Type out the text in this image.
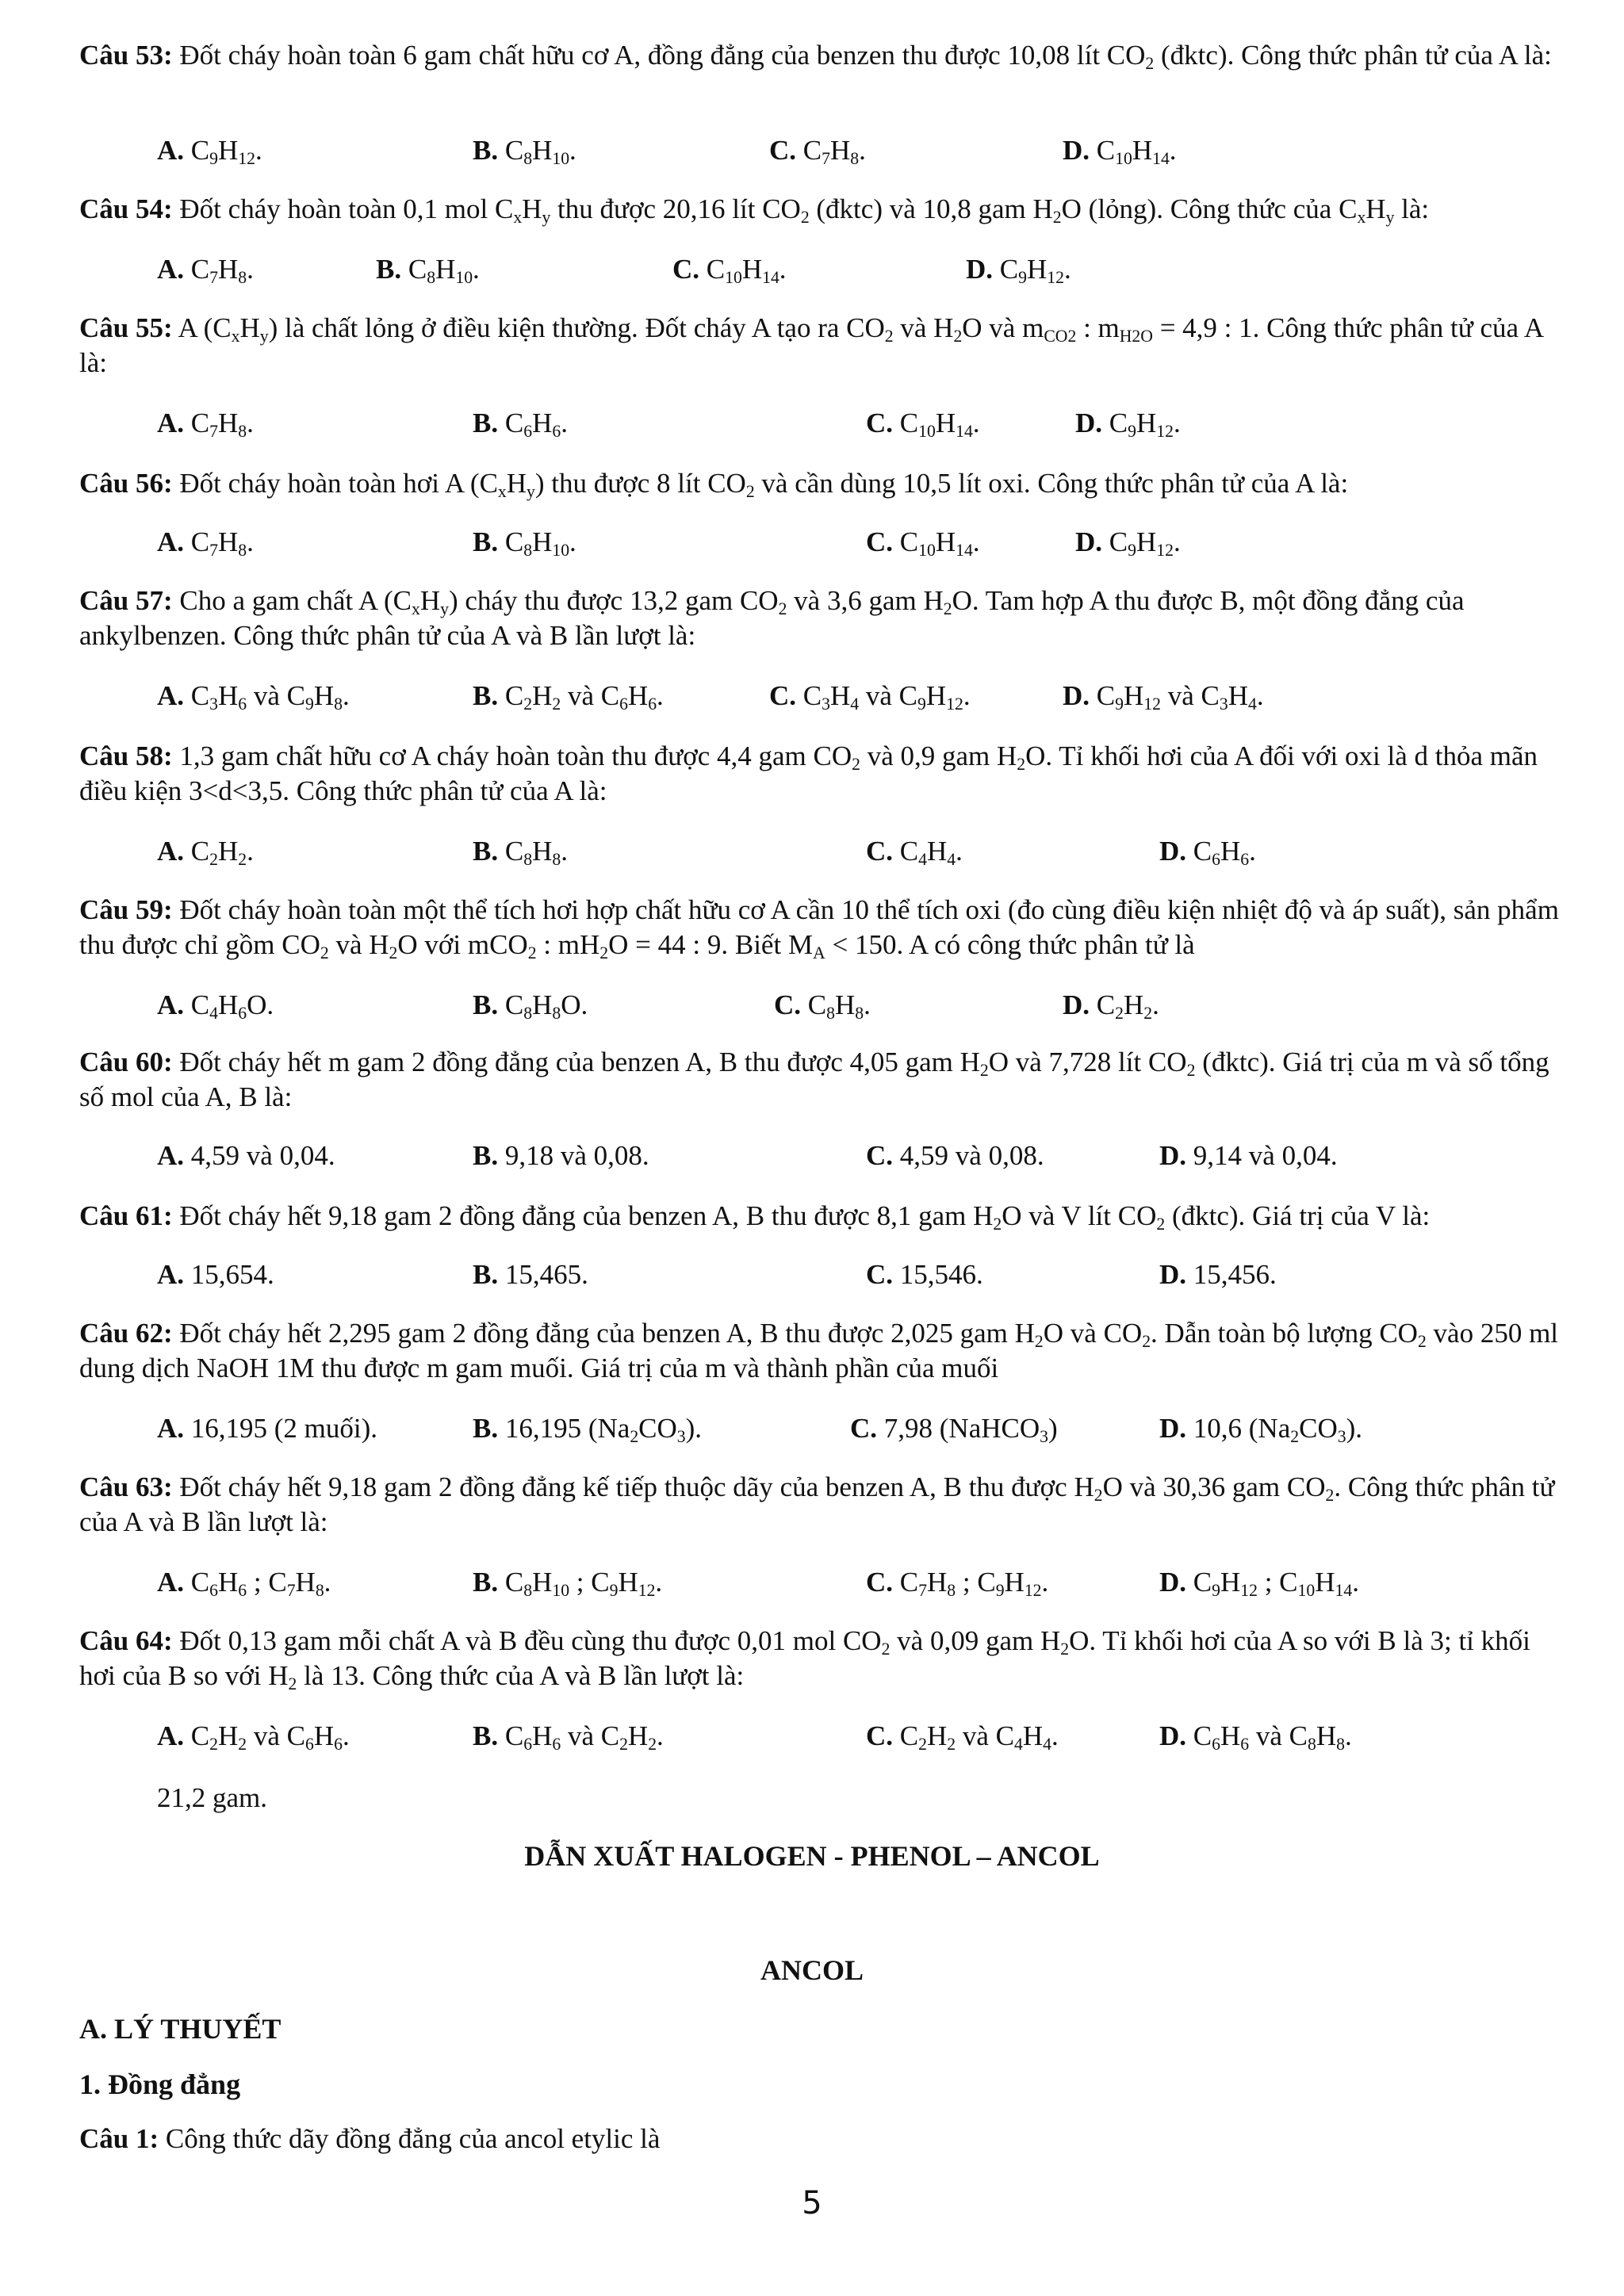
Câu 53: Đốt cháy hoàn toàn 6 gam chất hữu cơ A, đồng đẳng của benzen thu được 10,08 lít $CO_2$ (đktc). Công thức phân tử của A là:
A. $C_9H_{12}$.	B. $C_8H_{10}$.	C. $C_7H_8$.	D. $C_{10}H_{14}$.
Câu 54: Đốt cháy hoàn toàn 0,1 mol $C_xH_y$ thu được 20,16 lít $CO_2$ (đktc) và 10,8 gam $H_2O$ (lỏng). Công thức của $C_xH_y$ là:
A. $C_7H_8$.	B. $C_8H_{10}$.	C. $C_{10}H_{14}$.	D. $C_9H_{12}$.
Câu 55: A $(C_xH_y)$ là chất lỏng ở điều kiện thường. Đốt cháy A tạo ra $CO_2$ và $H_2O$ và $m_{CO2}$ : $m_{H2O} = 4,9$ : 1. Công thức phân tử của A là:
A. $C_7H_8$.	B. $C_6H_6$.	C. $C_{10}H_{14}$.	D. $C_9H_{12}$.
Câu 56: Đốt cháy hoàn toàn hơi A $(C_xH_y)$ thu được 8 lít $CO_2$ và cần dùng 10,5 lít oxi. Công thức phân tử của A là:
A. $C_7H_8$.	B. $C_8H_{10}$.	C. $C_{10}H_{14}$.	D. $C_9H_{12}$.
Câu 57: Cho a gam chất A $(C_xH_y)$ cháy thu được 13,2 gam $CO_2$ và 3,6 gam $H_2O$. Tam hợp A thu được B, một đồng đẳng của ankylbenzen. Công thức phân tử của A và B lần lượt là:
A. $C_3H_6$ và $C_9H_8$.	B. $C_2H_2$ và $C_6H_6$.	C. $C_3H_4$ và $C_9H_{12}$.	D. $C_9H_{12}$ và $C_3H_4$.
Câu 58: 1,3 gam chất hữu cơ A cháy hoàn toàn thu được 4,4 gam $CO_2$ và 0,9 gam $H_2O$. Tỉ khối hơi của A đối với oxi là d thỏa mãn điều kiện 3<d<3,5. Công thức phân tử của A là:
A. $C_2H_2$.	B. $C_8H_8$.	C. $C_4H_4$.	D. $C_6H_6$.
Câu 59: Đốt cháy hoàn toàn một thể tích hơi hợp chất hữu cơ A cần 10 thể tích oxi (đo cùng điều kiện nhiệt độ và áp suất), sản phẩm thu được chỉ gồm $CO_2$ và $H_2O$ với mCO$_2$ : $mH_2O = 44$ : 9. Biết $M_A < 150$. A có công thức phân tử là
A. $C_4H_6O$.	B. $C_8H_8O$.	C. $C_8H_8$.	D. $C_2H_2$.
Câu 60: Đốt cháy hết m gam 2 đồng đẳng của benzen A, B thu được 4,05 gam $H_2O$ và 7,728 lít $CO_2$ (đktc). Giá trị của m và số tổng số mol của A, B là:
A. 4,59 và 0,04.	B. 9,18 và 0,08.	C. 4,59 và 0,08.	D. 9,14 và 0,04.
Câu 61: Đốt cháy hết 9,18 gam 2 đồng đẳng của benzen A, B thu được 8,1 gam $H_2O$ và V lít $CO_2$ (đktc). Giá trị của V là:
A. 15,654.	B. 15,465.	C. 15,546.	D. 15,456.
Câu 62: Đốt cháy hết 2,295 gam 2 đồng đẳng của benzen A, B thu được 2,025 gam $H_2O$ và $CO_2$. Dẫn toàn bộ lượng $CO_2$ vào 250 ml dung dịch NaOH 1M thu được m gam muối. Giá trị của m và thành phần của muối
A. 16,195 (2 muối).	B. 16,195 $(Na_2CO_3)$.	C. 7,98 (NaHCO$_3$)	D. 10,6 $(Na_2CO_3)$.
Câu 63: Đốt cháy hết 9,18 gam 2 đồng đẳng kế tiếp thuộc dãy của benzen A, B thu được $H_2O$ và 30,36 gam $CO_2$. Công thức phân tử của A và B lần lượt là:
A. $C_6H_6$ ; $C_7H_8$.	B. $C_8H_{10}$ ; $C_9H_{12}$.	C. $C_7H_8$ ; $C_9H_{12}$.	D. $C_9H_{12}$ ; $C_{10}H_{14}$.
Câu 64: Đốt 0,13 gam mỗi chất A và B đều cùng thu được 0,01 mol $CO_2$ và 0,09 gam $H_2O$. Tỉ khối hơi của A so với B là 3; tỉ khối hơi của B so với $H_2$ là 13. Công thức của A và B lần lượt là:
A. $C_2H_2$ và $C_6H_6$.	B. $C_6H_6$ và $C_2H_2$.	C. $C_2H_2$ và $C_4H_4$.	D. $C_6H_6$ và $C_8H_8$.
21,2 gam.
DẪN XUẤT HALOGEN - PHENOL – ANCOL
ANCOL
A. LÝ THUYẾT
1. Đồng đẳng
Câu 1: Công thức dãy đồng đẳng của ancol etylic là
5
